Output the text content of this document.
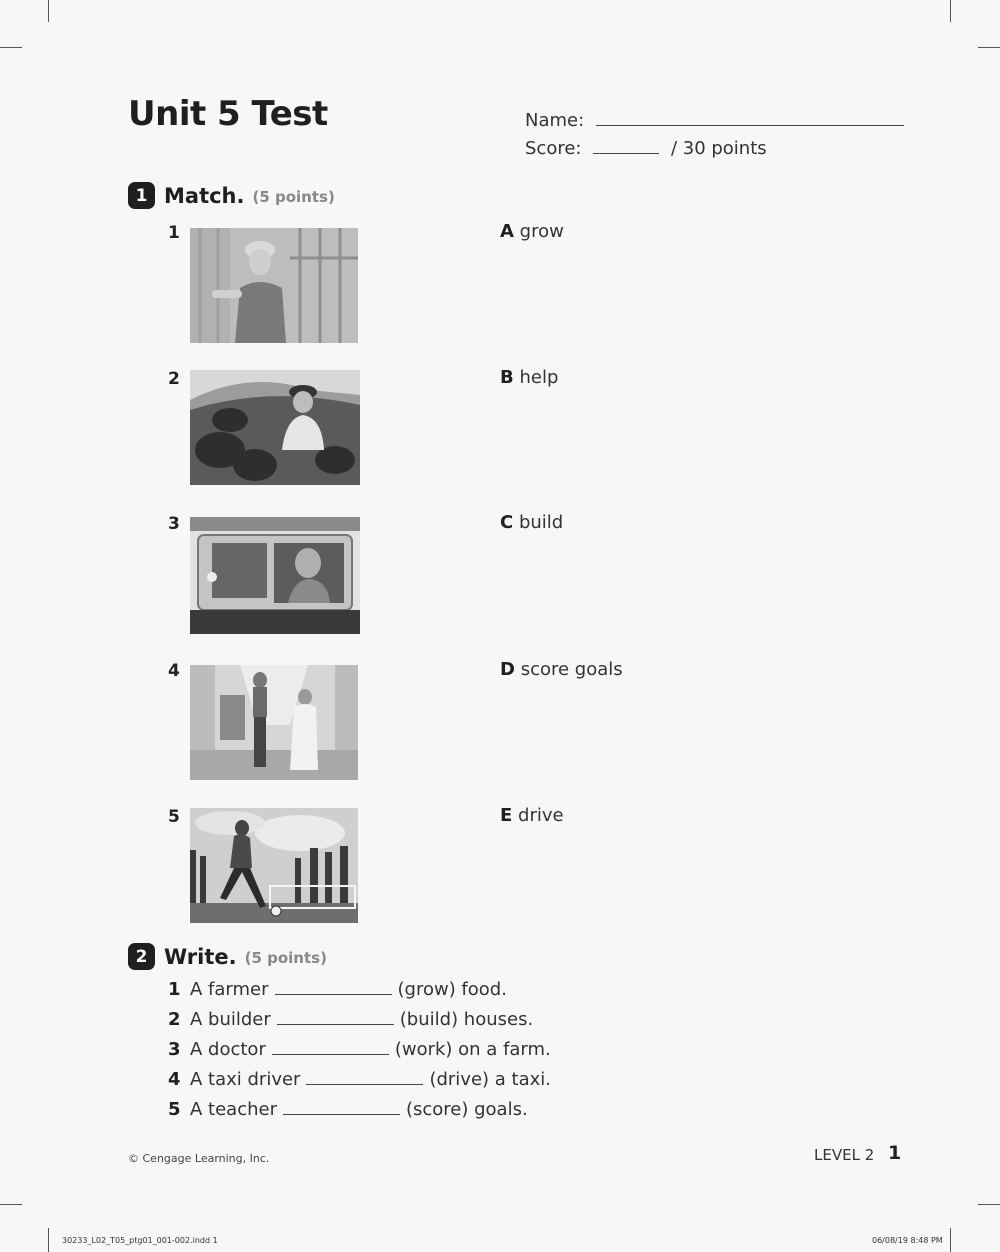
Unit 5 Test	Name:
Score:	/ 30 points
1 Match. (5 points)
1
2
3
4
5
A grow
B help
C build
D score goals
E drive
2 Write. (5 points)
1 A farmer	(grow) food.
2 A builder	(build) houses.
3 A doctor	(work) on a farm.
4 A taxi driver	(drive) a taxi.
5 A teacher	(score) goals.
© Cengage Learning, Inc.	LEVEL 2 1
30233_L02_T05_ptg01_001-002.indd 1	06/08/19 8:48 PM
